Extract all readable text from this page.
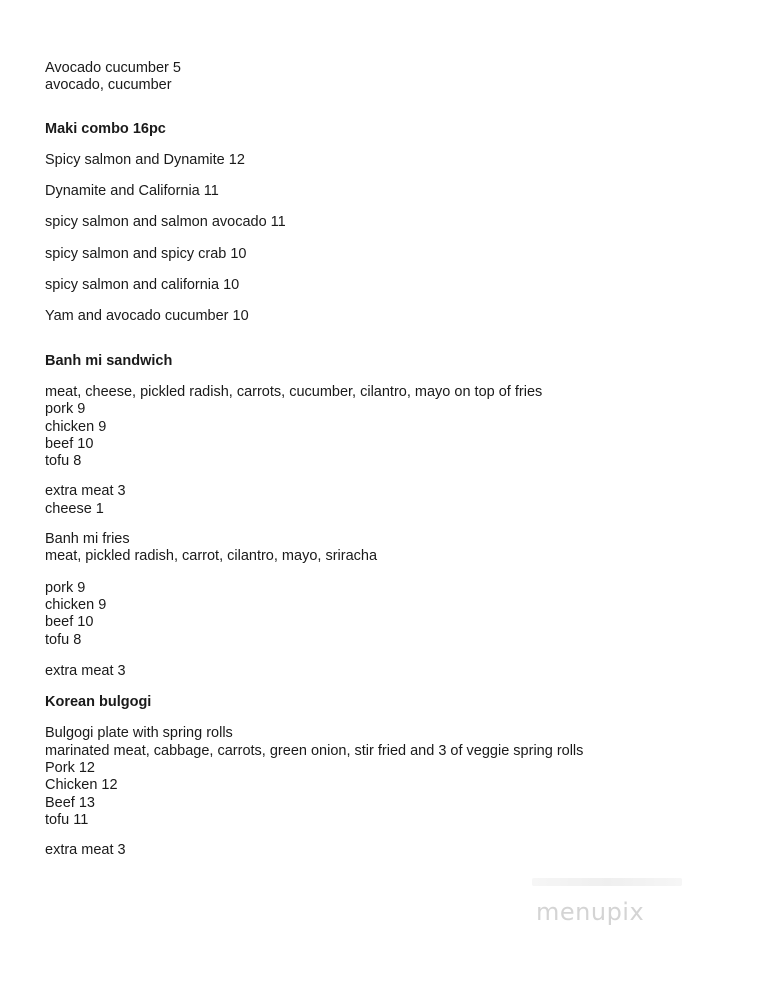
Avocado cucumber 5
avocado, cucumber
Maki combo 16pc
Spicy salmon and Dynamite 12
Dynamite and California 11
spicy salmon and salmon avocado 11
spicy salmon and spicy crab 10
spicy salmon and california 10
Yam and avocado cucumber 10
Banh mi sandwich
meat, cheese, pickled radish, carrots, cucumber, cilantro, mayo on top of fries
pork 9
chicken 9
beef 10
tofu 8
extra meat 3
cheese 1
Banh mi fries
meat, pickled radish, carrot, cilantro, mayo, sriracha
pork 9
chicken 9
beef 10
tofu 8
extra meat 3
Korean bulgogi
Bulgogi plate with spring rolls
marinated meat, cabbage, carrots, green onion, stir fried and 3 of veggie spring rolls
Pork 12
Chicken 12
Beef 13
tofu 11
extra meat 3
menupix
